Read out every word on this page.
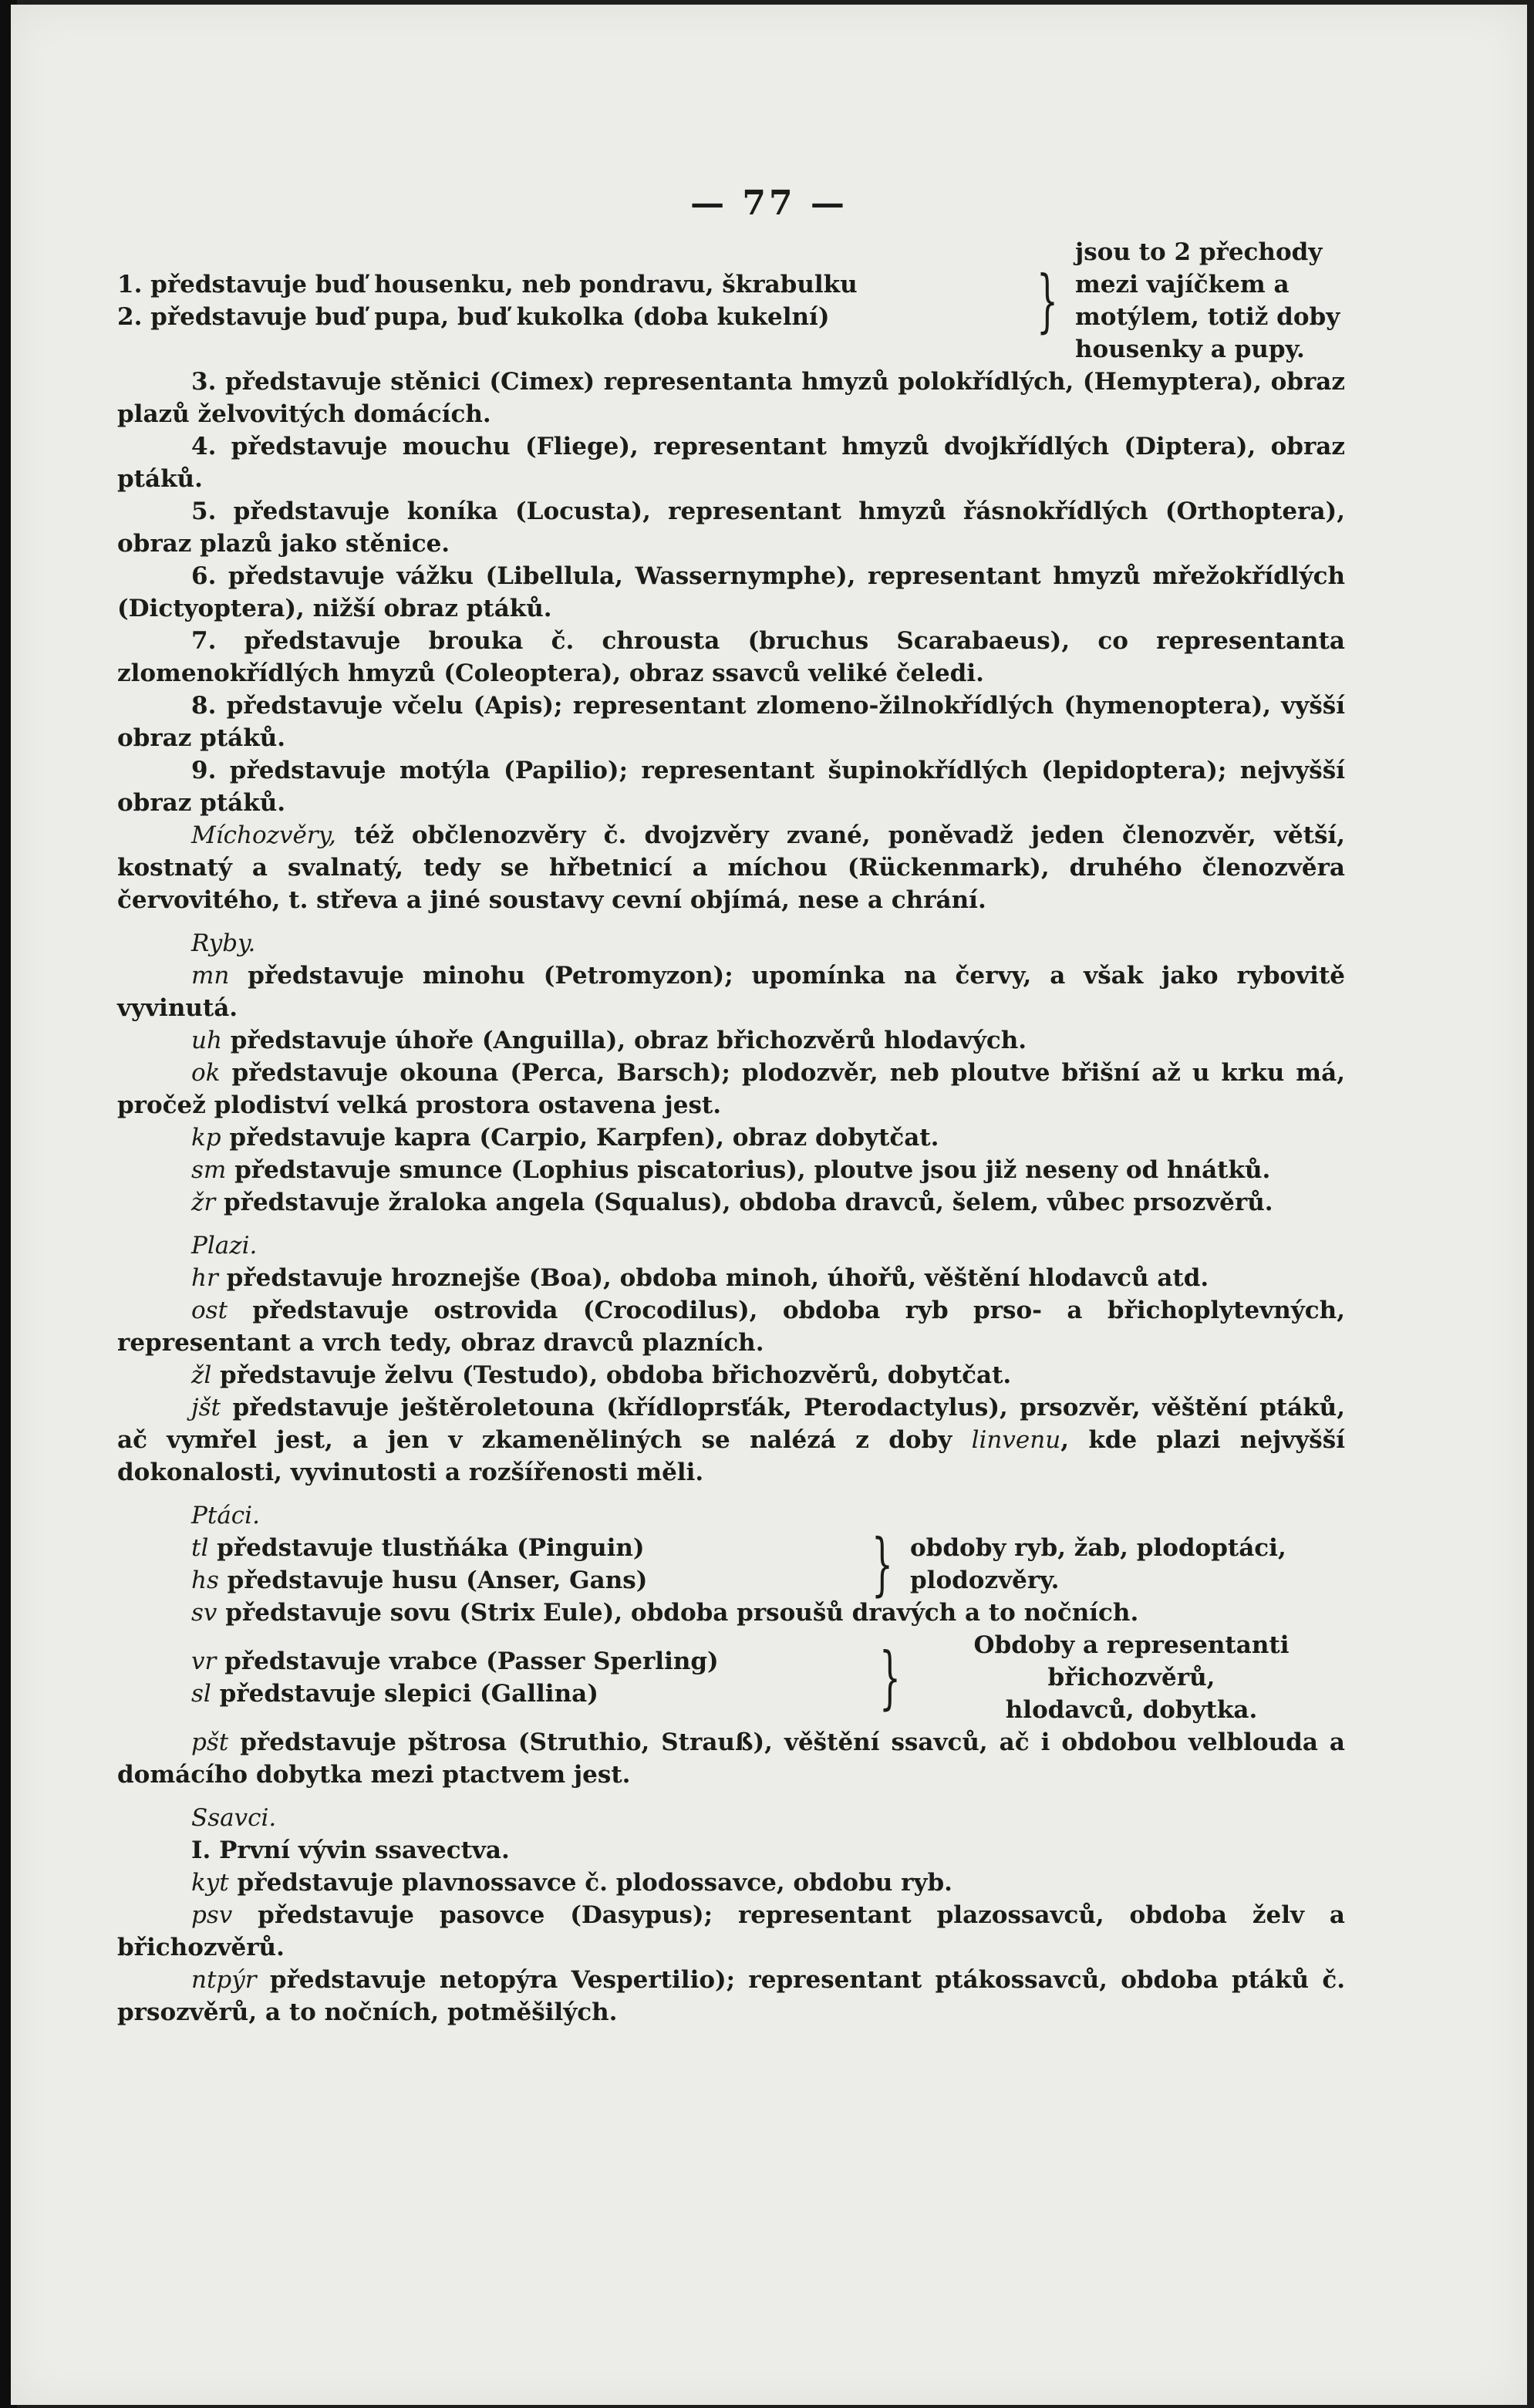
— 77 —
1. představuje buď housenku, neb pondravu, škrabulku
2. představuje buď pupa, buď kukolka (doba kukelní)	}
jsou to 2 přechody mezi vajíčkem a motýlem, totiž doby housenky a pupy.

3. představuje stěnici (Cimex) representanta hmyzů polokřídlých, (Hemyptera), obraz plazů želvovitých domácích.

4. představuje mouchu (Fliege), representant hmyzů dvojkřídlých (Diptera), obraz ptáků.

5. představuje koníka (Locusta), representant hmyzů řásnokřídlých (Orthoptera), obraz plazů jako stěnice.

6. představuje vážku (Libellula, Wassernymphe), representant hmyzů mřežokřídlých (Dictyoptera), nižší obraz ptáků.

7. představuje brouka č. chrousta (bruchus Scarabaeus), co representanta zlomenokřídlých hmyzů (Coleoptera), obraz ssavců veliké čeledi.

8. představuje včelu (Apis); representant zlomeno-žilnokřídlých (hymenoptera), vyšší obraz ptáků.

9. představuje motýla (Papilio); representant šupinokřídlých (lepidoptera); nejvyšší obraz ptáků.

Míchozvěry, též občlenozvěry č. dvojzvěry zvané, poněvadž jeden členozvěr, větší, kostnatý a svalnatý, tedy se hřbetnicí a míchou (Rückenmark), druhého členozvěra červovitého, t. střeva a jiné soustavy cevní objímá, nese a chrání.

Ryby.

mn představuje minohu (Petromyzon); upomínka na červy, a však jako rybovitě vyvinutá.

uh představuje úhoře (Anguilla), obraz břichozvěrů hlodavých.

ok představuje okouna (Perca, Barsch); plodozvěr, neb ploutve břišní až u krku má, pročež plodiství velká prostora ostavena jest.

kp představuje kapra (Carpio, Karpfen), obraz dobytčat.

sm představuje smunce (Lophius piscatorius), ploutve jsou již neseny od hnátků.

žr představuje žraloka angela (Squalus), obdoba dravců, šelem, vůbec prsozvěrů.

Plazi.

hr představuje hroznejše (Boa), obdoba minoh, úhořů, věštění hlodavců atd.

ost představuje ostrovida (Crocodilus), obdoba ryb prso- a břichoplytevných, representant a vrch tedy, obraz dravců plazních.

žl představuje želvu (Testudo), obdoba břichozvěrů, dobytčat.

jšt představuje ještěroletouna (křídloprsťák, Pterodactylus), prsozvěr, věštění ptáků, ač vymřel jest, a jen v zkameněliných se nalézá z doby linvenu, kde plazi nejvyšší dokonalosti, vyvinutosti a rozšířenosti měli.

Ptáci.
tl představuje tlustňáka (Pinguin)
hs představuje husu (Anser, Gans)	} obdoby ryb, žab, plodoptáci, plodozvěry.

sv představuje sovu (Strix Eule), obdoba prsoušů dravých a to nočních.

vr představuje vrabce (Passer Sperling)
sl představuje slepici (Gallina)	}	Obdoby a representanti břichozvěrů,
hlodavců, dobytka.

pšt představuje pštrosa (Struthio, Strauß), věštění ssavců, ač i obdobou velblouda a domácího dobytka mezi ptactvem jest.

Ssavci.

I. První vývin ssavectva.

kyt představuje plavnossavce č. plodossavce, obdobu ryb.

psv představuje pasovce (Dasypus); representant plazossavců, obdoba želv a břichozvěrů.

ntpýr představuje netopýra Vespertilio); representant ptákossavců, obdoba ptáků č. prsozvěrů, a to nočních, potměšilých.
